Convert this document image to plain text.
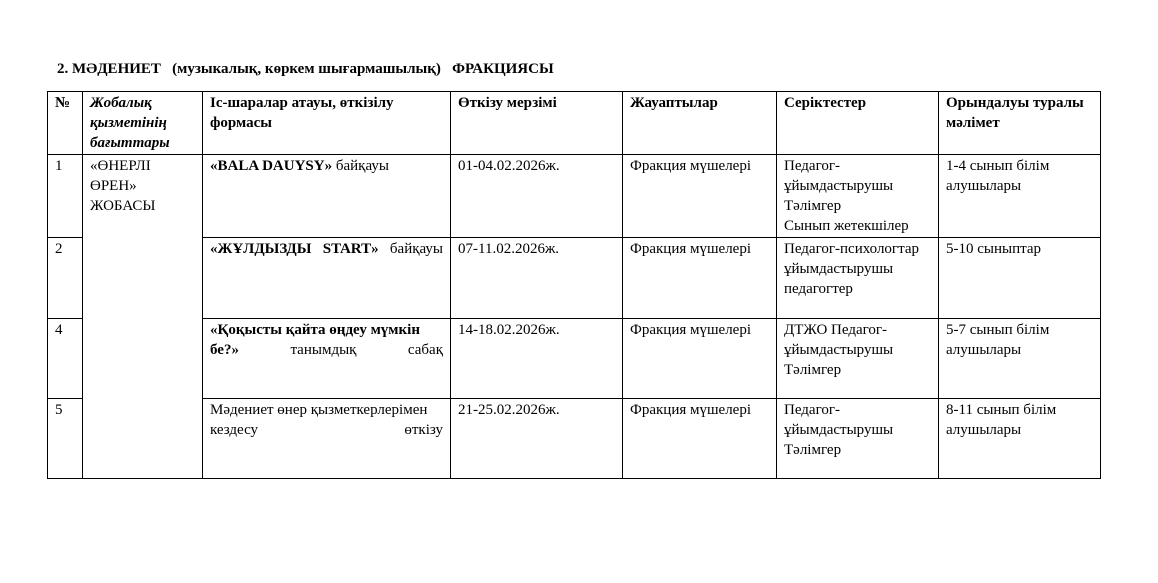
2. МӘДЕНИЕТ   (музыкалық, көркем шығармашылық)   ФРАКЦИЯСЫ
№	Жобалық қызметінің бағыттары	Іс-шаралар атауы, өткізілу формасы	Өткізу мерзімі	Жауаптылар	Серіктестер	Орындалуы туралы мәлімет
1	«ӨНЕРЛІ ӨРЕН» ЖОБАСЫ	«BALA DAUYSY» байқауы	01-04.02.2026ж.	Фракция мүшелері	Педагог-ұйымдастырушы
Тәлімгер
Сынып жетекшілер	1-4 сынып білім алушылары
2		«ЖҰЛДЫЗДЫ START» байқауы	07-11.02.2026ж.	Фракция мүшелері	Педагог-психологтар
ұйымдастырушы педагогтер	5-10 сыныптар
4		«Қоқысты қайта өңдеу мүмкін бе?» танымдық сабақ	14-18.02.2026ж.	Фракция мүшелері	ДТЖО Педагог-ұйымдастырушы
Тәлімгер	5-7 сынып білім алушылары
5		Мәдениет өнер қызметкерлерімен кездесу өткізу	21-25.02.2026ж.	Фракция мүшелері	Педагог-ұйымдастырушы
Тәлімгер	8-11 сынып білім алушылары
